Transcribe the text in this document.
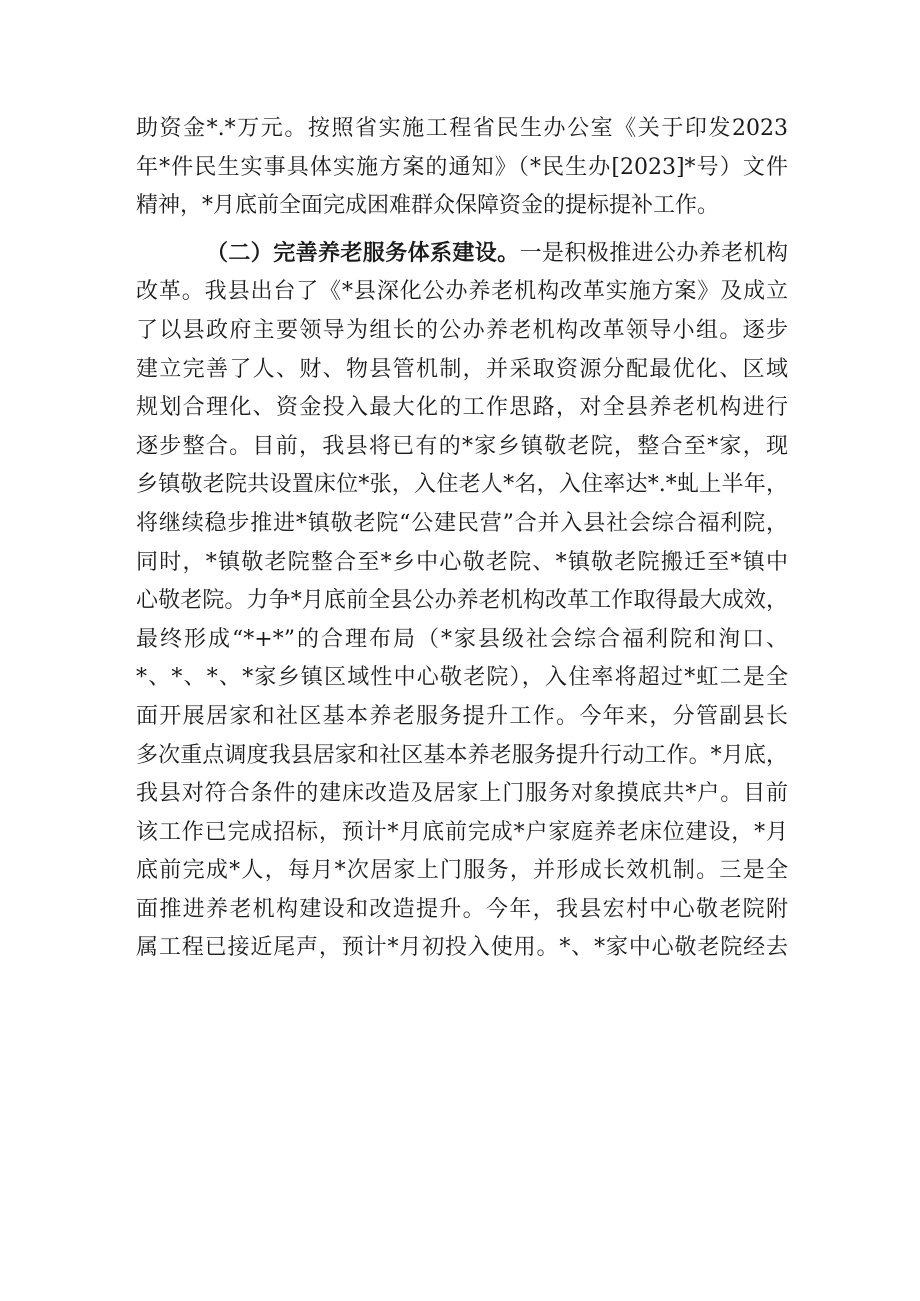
助资金*.*万元。按照省实施工程省民生办公室《关于印发2023
年*件民生实事具体实施方案的通知》（*民生办[2023]*号）文件
精神，*月底前全面完成困难群众保障资金的提标提补工作。
（二）完善养老服务体系建设。一是积极推进公办养老机构
改革。我县出台了《*县深化公办养老机构改革实施方案》及成立
了以县政府主要领导为组长的公办养老机构改革领导小组。逐步
建立完善了人、财、物县管机制，并采取资源分配最优化、区域
规划合理化、资金投入最大化的工作思路，对全县养老机构进行
逐步整合。目前，我县将已有的*家乡镇敬老院，整合至*家，现
乡镇敬老院共设置床位*张，入住老人*名，入住率达*.*虬上半年，
将继续稳步推进*镇敬老院“公建民营”合并入县社会综合福利院，
同时，*镇敬老院整合至*乡中心敬老院、*镇敬老院搬迁至*镇中
心敬老院。力争*月底前全县公办养老机构改革工作取得最大成效，
最终形成“*+*”的合理布局（*家县级社会综合福利院和洵口、
*、*、*、*家乡镇区域性中心敬老院），入住率将超过*虹二是全
面开展居家和社区基本养老服务提升工作。今年来，分管副县长
多次重点调度我县居家和社区基本养老服务提升行动工作。*月底，
我县对符合条件的建床改造及居家上门服务对象摸底共*户。目前
该工作已完成招标，预计*月底前完成*户家庭养老床位建设，*月
底前完成*人，每月*次居家上门服务，并形成长效机制。三是全
面推进养老机构建设和改造提升。今年，我县宏村中心敬老院附
属工程已接近尾声，预计*月初投入使用。*、*家中心敬老院经去
